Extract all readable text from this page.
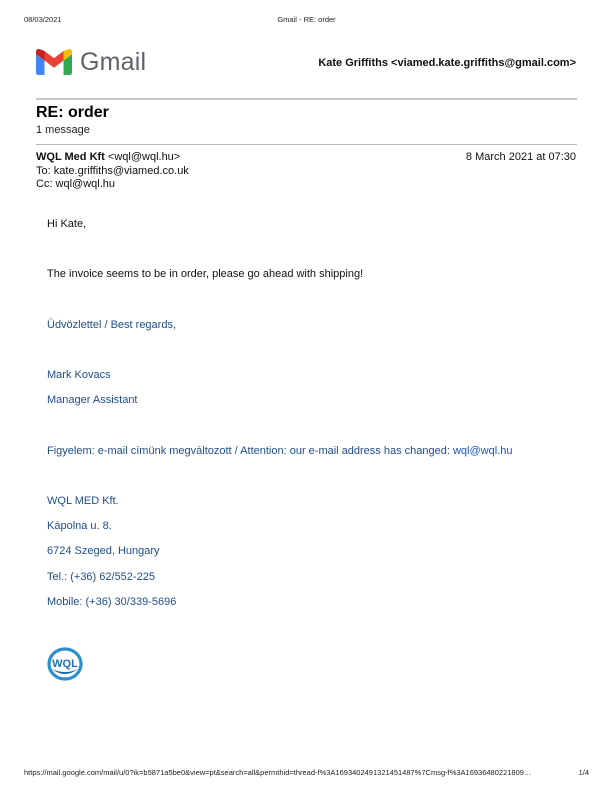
08/03/2021	Gmail - RE: order
Gmail	Kate Griffiths <viamed.kate.griffiths@gmail.com>
RE: order
1 message
WQL Med Kft <wql@wql.hu>	8 March 2021 at 07:30
To: kate.griffiths@viamed.co.uk
Cc: wql@wql.hu
Hi Kate,
The invoice seems to be in order, please go ahead with shipping!
Üdvözlettel / Best regards,
Mark Kovacs
Manager Assistant
Figyelem: e-mail címünk megváltozott / Attention: our e-mail address has changed: wql@wql.hu
WQL MED Kft.
Kápolna u. 8.
6724 Szeged, Hungary
Tel.: (+36) 62/552-225
Mobile: (+36) 30/339-5696
WQL
https://mail.google.com/mail/u/0?ik=b5871a5be0&view=pt&search=all&permthid=thread-f%3A1693402491321451487%7Cmsg-f%3A16936480221809…	1/4
